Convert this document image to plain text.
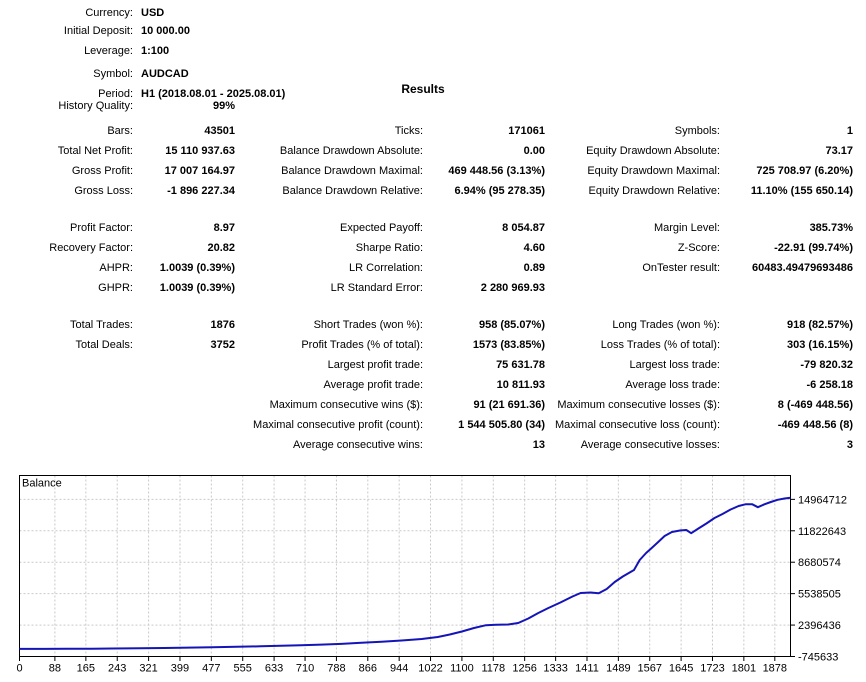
Currency: USD
Initial Deposit: 10 000.00
Leverage: 1:100
Symbol: AUDCAD
Period: H1 (2018.08.01 - 2025.08.01)
History Quality:	99%
Results
Bars:	43501	Ticks:	171061	Symbols:	1
Total Net Profit:	15 110 937.63	Balance Drawdown Absolute:	0.00	Equity Drawdown Absolute:	73.17
Gross Profit:	17 007 164.97	Balance Drawdown Maximal:	469 448.56 (3.13%)	Equity Drawdown Maximal:	725 708.97 (6.20%)
Gross Loss:	-1 896 227.34	Balance Drawdown Relative:	6.94% (95 278.35)	Equity Drawdown Relative:	11.10% (155 650.14)
Profit Factor:	8.97	Expected Payoff:	8 054.87	Margin Level:	385.73%
Recovery Factor:	20.82	Sharpe Ratio:	4.60	Z-Score:	-22.91 (99.74%)
AHPR:	1.0039 (0.39%)	LR Correlation:	0.89	OnTester result:	60483.49479693486
GHPR:	1.0039 (0.39%)	LR Standard Error:	2 280 969.93
Total Trades:	1876	Short Trades (won %):	958 (85.07%)	Long Trades (won %):	918 (82.57%)
Total Deals:	3752	Profit Trades (% of total):	1573 (83.85%)	Loss Trades (% of total):	303 (16.15%)
Largest profit trade:	75 631.78	Largest loss trade:	-79 820.32
Average profit trade:	10 811.93	Average loss trade:	-6 258.18
Maximum consecutive wins ($):	91 (21 691.36)	Maximum consecutive losses ($):	8 (-469 448.56)
Maximal consecutive profit (count):	1 544 505.80 (34) Maximal consecutive loss (count):	-469 448.56 (8)
Average consecutive wins:	13	Average consecutive losses:	3
0 88 165 243 321 399 477 555 633 710 788 866 944 1022 1100 1178 1256 1333 1411 1489 1567 1645 1723 1801 1878
14964712
11822643
8680574
5538505
2396436
-745633
Balance
